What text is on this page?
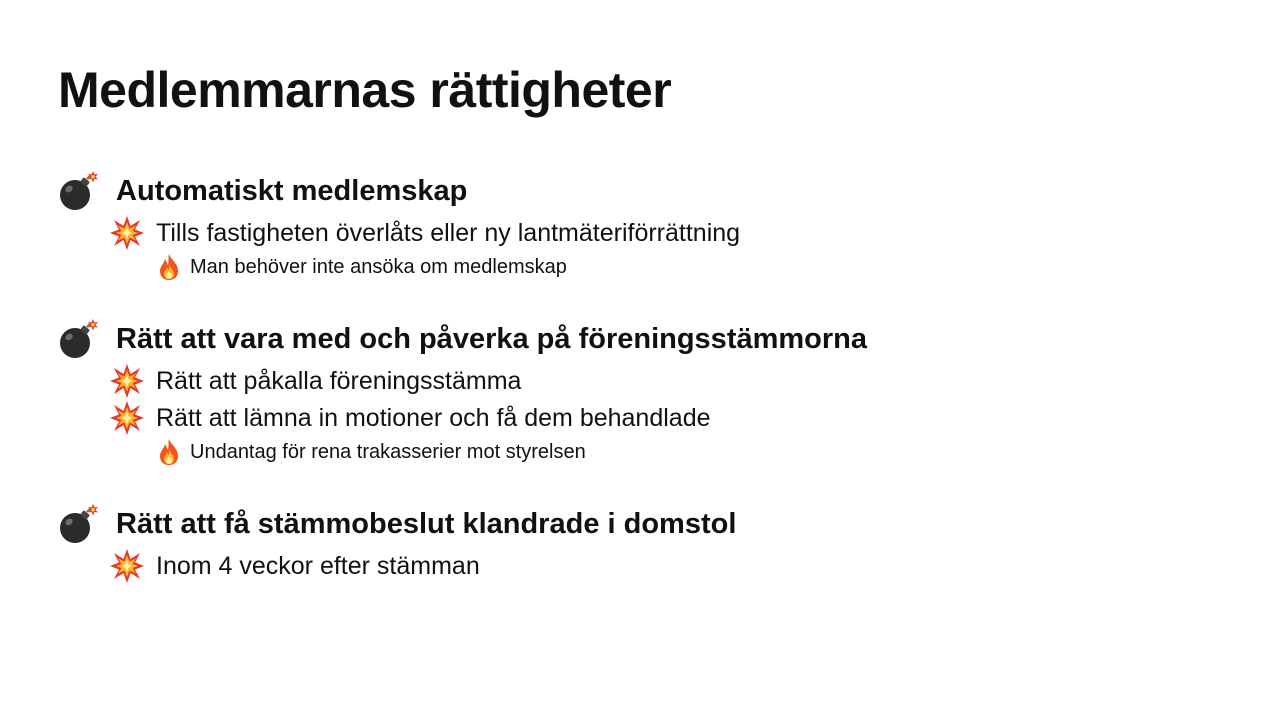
Medlemmarnas rättigheter
Automatiskt medlemskap
Tills fastigheten överlåts eller ny lantmäteriförrättning
Man behöver inte ansöka om medlemskap
Rätt att vara med och påverka på föreningsstämmorna
Rätt att påkalla föreningsstämma
Rätt att lämna in motioner och få dem behandlade
Undantag för rena trakasserier mot styrelsen
Rätt att få stämmobeslut klandrade i domstol
Inom 4 veckor efter stämman
